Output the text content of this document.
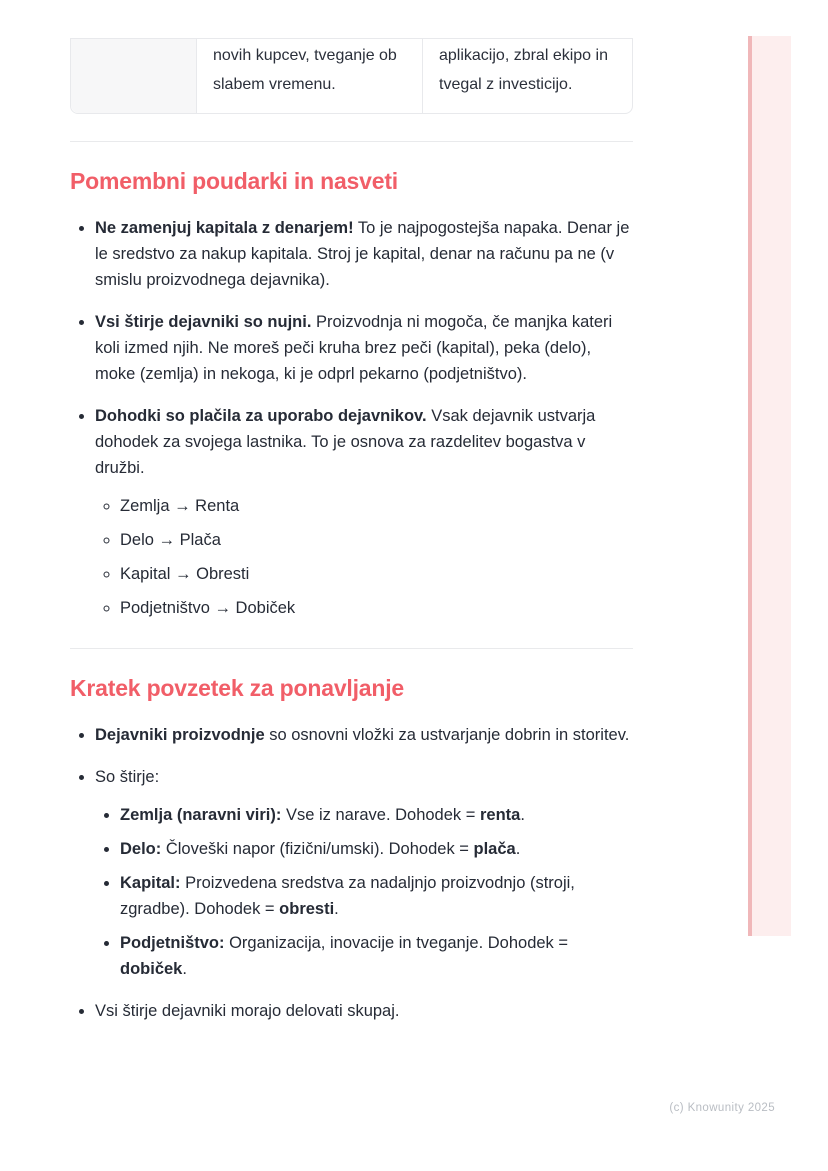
novih kupcev, tveganje ob slabem vremenu.
aplikacijo, zbral ekipo in tvegal z investicijo.
Pomembni poudarki in nasveti
• Ne zamenjuj kapitala z denarjem! To je najpogostejša napaka. Denar je le sredstvo za nakup kapitala. Stroj je kapital, denar na računu pa ne (v smislu proizvodnega dejavnika).
• Vsi štirje dejavniki so nujni. Proizvodnja ni mogoča, če manjka kateri koli izmed njih. Ne moreš peči kruha brez peči (kapital), peka (delo), moke (zemlja) in nekoga, ki je odprl pekarno (podjetništvo).
• Dohodki so plačila za uporabo dejavnikov. Vsak dejavnik ustvarja dohodek za svojega lastnika. To je osnova za razdelitev bogastva v družbi.
◦ Zemlja → Renta
◦ Delo → Plača
◦ Kapital → Obresti
◦ Podjetništvo → Dobiček
Kratek povzetek za ponavljanje
• Dejavniki proizvodnje so osnovni vložki za ustvarjanje dobrin in storitev.
• So štirje:
• Zemlja (naravni viri): Vse iz narave. Dohodek = renta.
• Delo: Človeški napor (fizični/umski). Dohodek = plača.
• Kapital: Proizvedena sredstva za nadaljnjo proizvodnjo (stroji, zgradbe). Dohodek = obresti.
• Podjetništvo: Organizacija, inovacije in tveganje. Dohodek = dobiček.
• Vsi štirje dejavniki morajo delovati skupaj.
(c) Knowunity 2025
